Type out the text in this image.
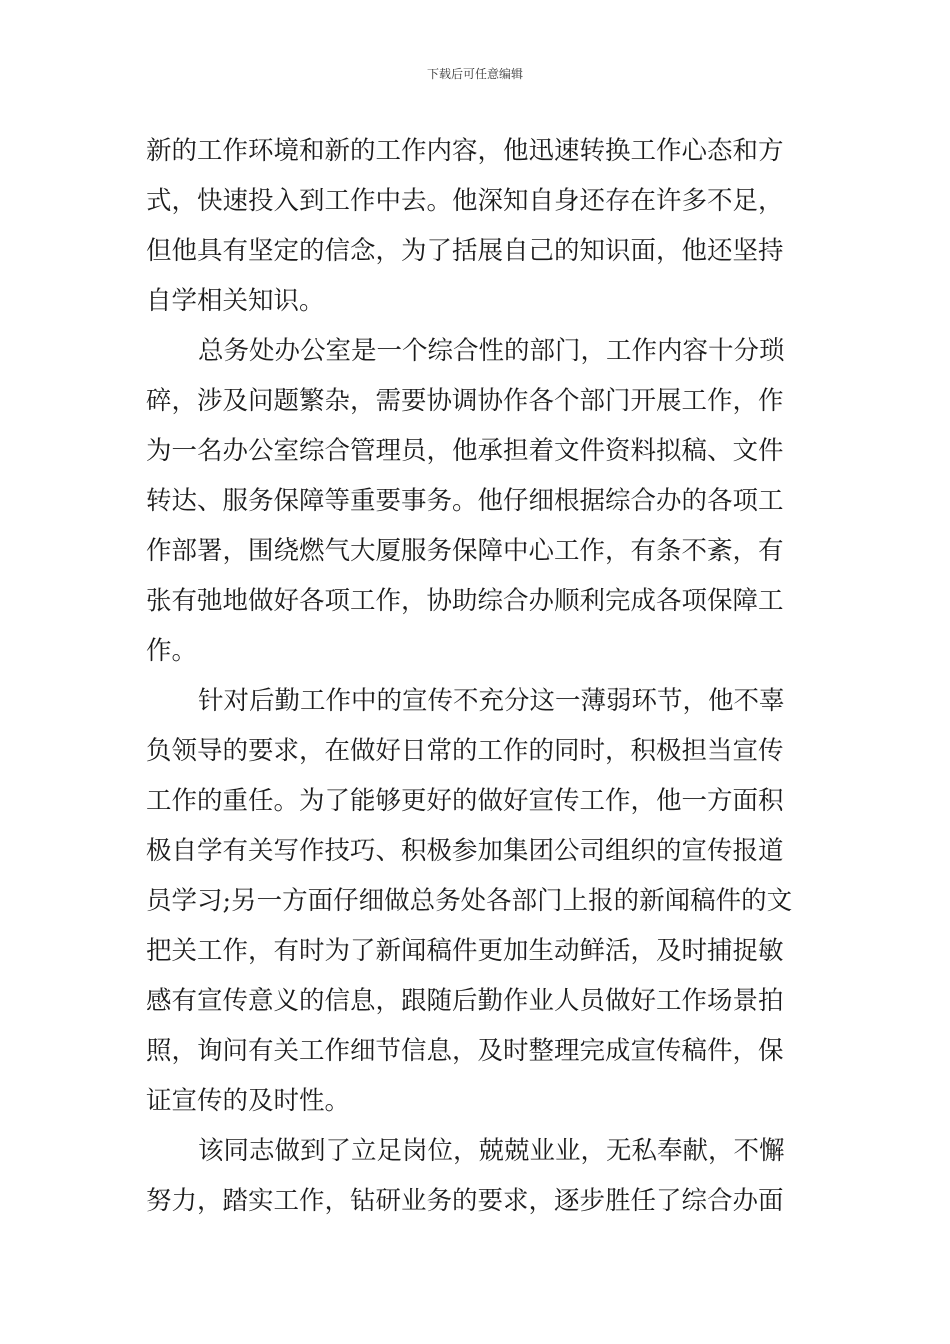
下载后可任意编辑
新的工作环境和新的工作内容，他迅速转换工作心态和方
式，快速投入到工作中去。他深知自身还存在许多不足，
但他具有坚定的信念，为了括展自己的知识面，他还坚持
自学相关知识。
总务处办公室是一个综合性的部门，工作内容十分琐
碎，涉及问题繁杂，需要协调协作各个部门开展工作，作
为一名办公室综合管理员，他承担着文件资料拟稿、文件
转达、服务保障等重要事务。他仔细根据综合办的各项工
作部署，围绕燃气大厦服务保障中心工作，有条不紊，有
张有弛地做好各项工作，协助综合办顺利完成各项保障工
作。
针对后勤工作中的宣传不充分这一薄弱环节，他不辜
负领导的要求，在做好日常的工作的同时，积极担当宣传
工作的重任。为了能够更好的做好宣传工作，他一方面积
极自学有关写作技巧、积极参加集团公司组织的宣传报道
员学习;另一方面仔细做总务处各部门上报的新闻稿件的文
把关工作，有时为了新闻稿件更加生动鲜活，及时捕捉敏
感有宣传意义的信息，跟随后勤作业人员做好工作场景拍
照，询问有关工作细节信息，及时整理完成宣传稿件，保
证宣传的及时性。
该同志做到了立足岗位，兢兢业业，无私奉献，不懈
努力，踏实工作，钻研业务的要求，逐步胜任了综合办面
